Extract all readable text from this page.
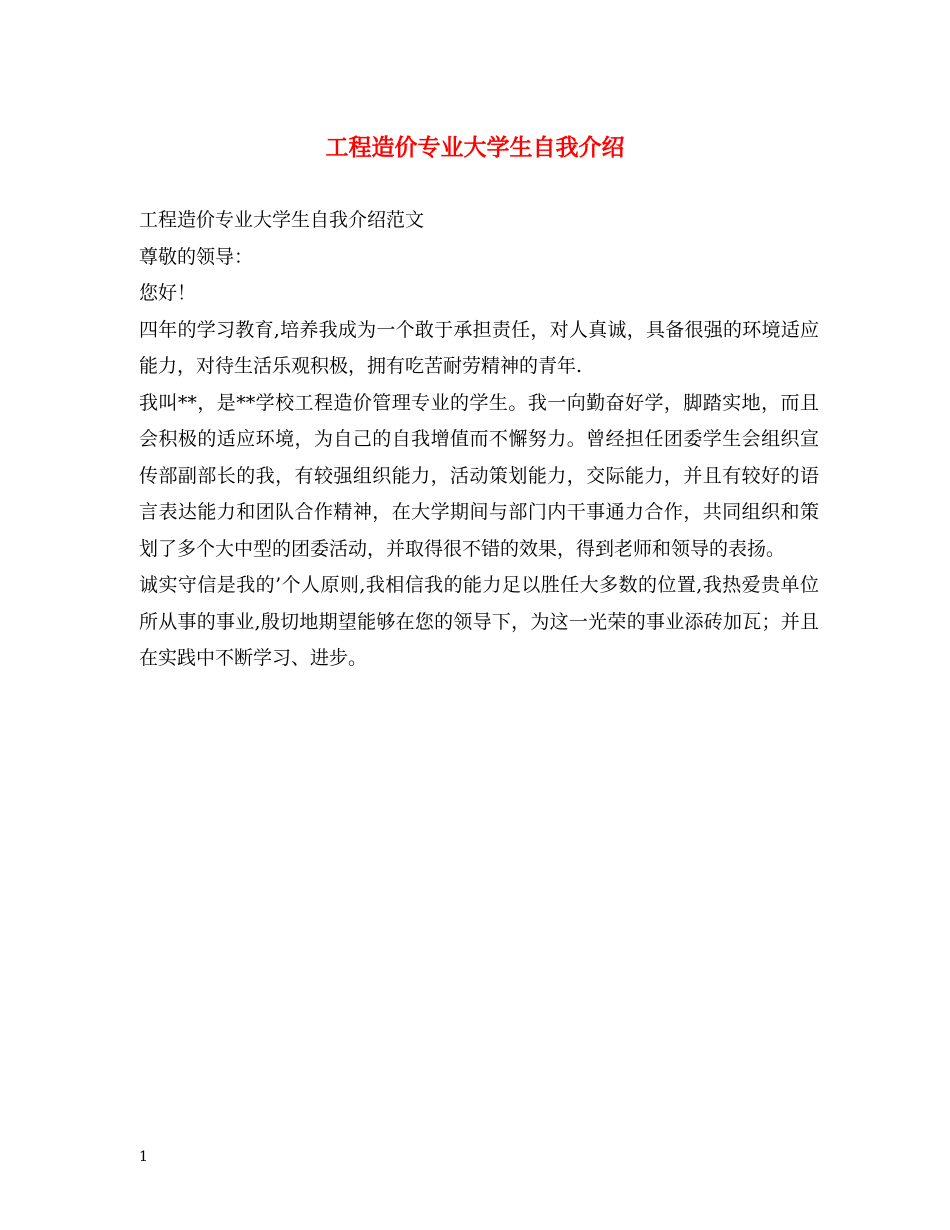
工程造价专业大学生自我介绍

工程造价专业大学生自我介绍范文

尊敬的领导：

您好！

四年的学习教育,培养我成为一个敢于承担责任，对人真诚，具备很强的环境适应能力，对待生活乐观积极，拥有吃苦耐劳精神的青年.

我叫**，是**学校工程造价管理专业的学生。我一向勤奋好学，脚踏实地，而且会积极的适应环境，为自己的自我增值而不懈努力。曾经担任团委学生会组织宣传部副部长的我，有较强组织能力，活动策划能力，交际能力，并且有较好的语言表达能力和团队合作精神，在大学期间与部门内干事通力合作，共同组织和策划了多个大中型的团委活动，并取得很不错的效果，得到老师和领导的表扬。

诚实守信是我的’个人原则,我相信我的能力足以胜任大多数的位置,我热爱贵单位所从事的事业,殷切地期望能够在您的领导下，为这一光荣的事业添砖加瓦；并且在实践中不断学习、进步。

1
